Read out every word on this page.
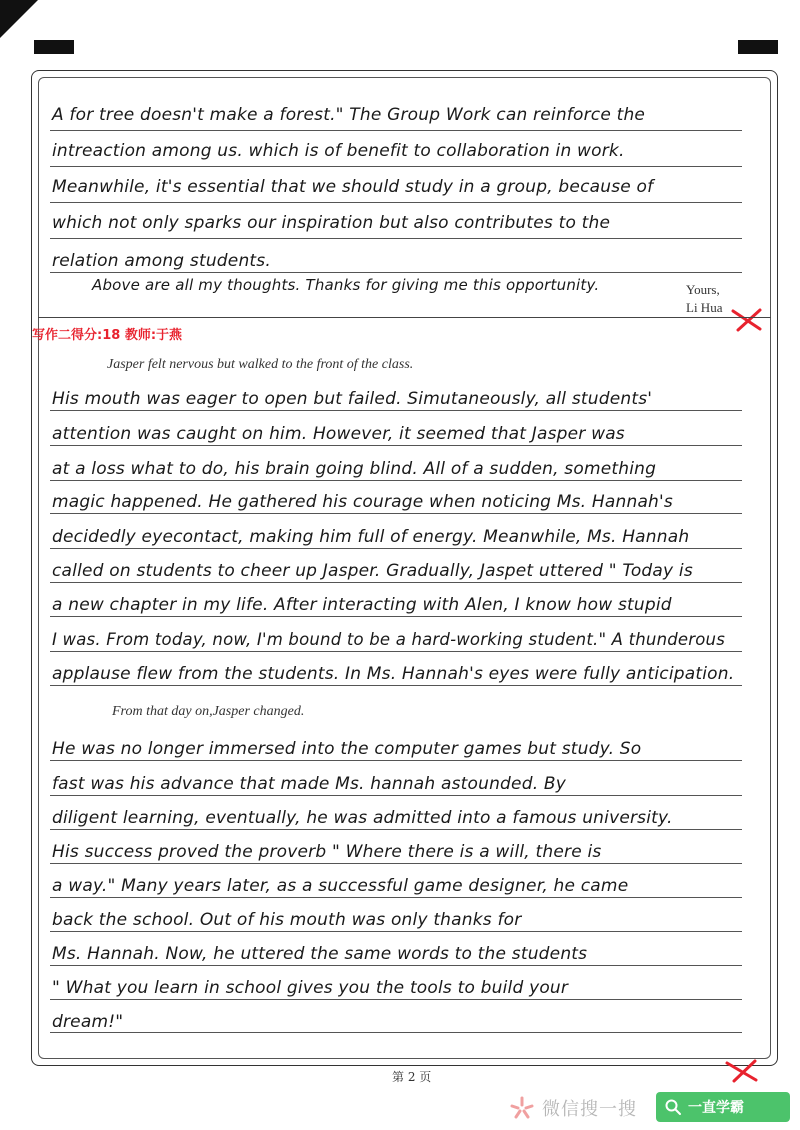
A for tree doesn't make a forest." The Group Work can reinforce the
intreaction among us. which is of benefit to collaboration in work.
Meanwhile, it's essential that we should study in a group, because of
which not only sparks our inspiration but also contributes to the
relation among students.
Above are all my thoughts. Thanks for giving me this opportunity.	Yours,
Li Hua
写作二得分:18 教师:于燕
Jasper felt nervous but walked to the front of the class.
His mouth was eager to open but failed. Simutaneously, all students'
attention was caught on him. However, it seemed that Jasper was
at a loss what to do, his brain going blind. All of a sudden, something
magic happened. He gathered his courage when noticing Ms. Hannah's
decidedly eyecontact, making him full of energy. Meanwhile, Ms. Hannah
called on students to cheer up Jasper. Gradually, Jaspet uttered " Today is
a new chapter in my life. After interacting with Alen, I know how stupid
I was. From today, now, I'm bound to be a hard-working student." A thunderous
applause flew from the students. In Ms. Hannah's eyes were fully anticipation.
From that day on,Jasper changed.
He was no longer immersed into the computer games but study. So
fast was his advance that made Ms. hannah astounded. By
diligent learning, eventually, he was admitted into a famous university.
His success proved the proverb " Where there is a will, there is
a way." Many years later, as a successful game designer, he came
back the school. Out of his mouth was only thanks for
Ms. Hannah. Now, he uttered the same words to the students
" What you learn in school gives you the tools to build your
dream!"
第 2 页
微信搜一搜	一直学霸
